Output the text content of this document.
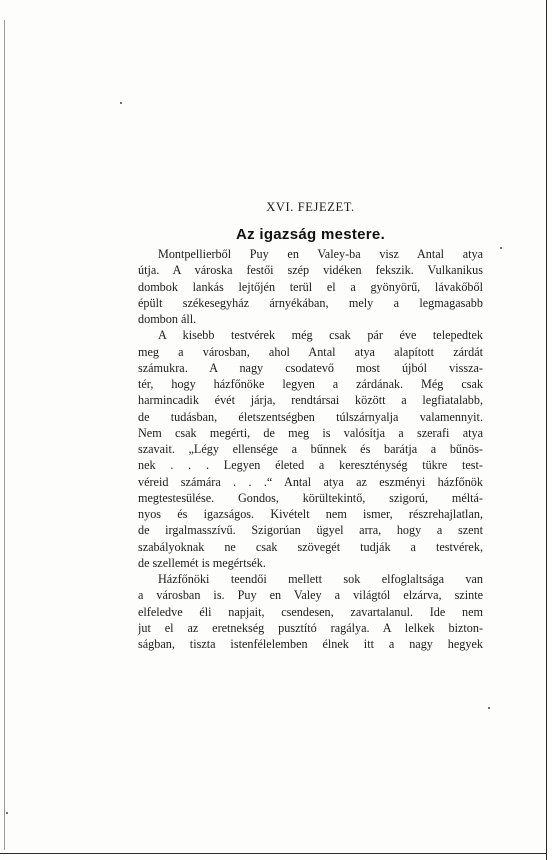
XVI. FEJEZET.
Az igazság mestere.
Montpellierből Puy en Valey-ba visz Antal atya
útja. A városka festői szép vidéken fekszik. Vulkanikus
dombok lankás lejtőjén terül el a gyönyörű, lávakőből
épült székesegyház árnyékában, mely a legmagasabb
dombon áll.
A kisebb testvérek még csak pár éve telepedtek
meg a városban, ahol Antal atya alapított zárdát
számukra. A nagy csodatevő most újból vissza-
tér, hogy házfőnöke legyen a zárdának. Még csak
harmincadik évét járja, rendtársai között a legfiatalabb,
de tudásban, életszentségben túlszárnyalja valamennyit.
Nem csak megérti, de meg is valósítja a szerafi atya
szavait. „Légy ellensége a bűnnek és barátja a bűnös-
nek . . . Legyen életed a kereszténység tükre test-
véreid számára . . .“ Antal atya az eszményi házfőnök
megtestesülése. Gondos, körültekintő, szigorú, méltá-
nyos és igazságos. Kivételt nem ismer, részrehajlatlan,
de irgalmasszívű. Szigorúan ügyel arra, hogy a szent
szabályoknak ne csak szövegét tudják a testvérek,
de szellemét is megértsék.
Házfőnöki teendői mellett sok elfoglaltsága van
a városban is. Puy en Valey a világtól elzárva, szinte
elfeledve éli napjait, csendesen, zavartalanul. Ide nem
jut el az eretnekség pusztító ragálya. A lelkek bizton-
ságban, tiszta istenfélelemben élnek itt a nagy hegyek
